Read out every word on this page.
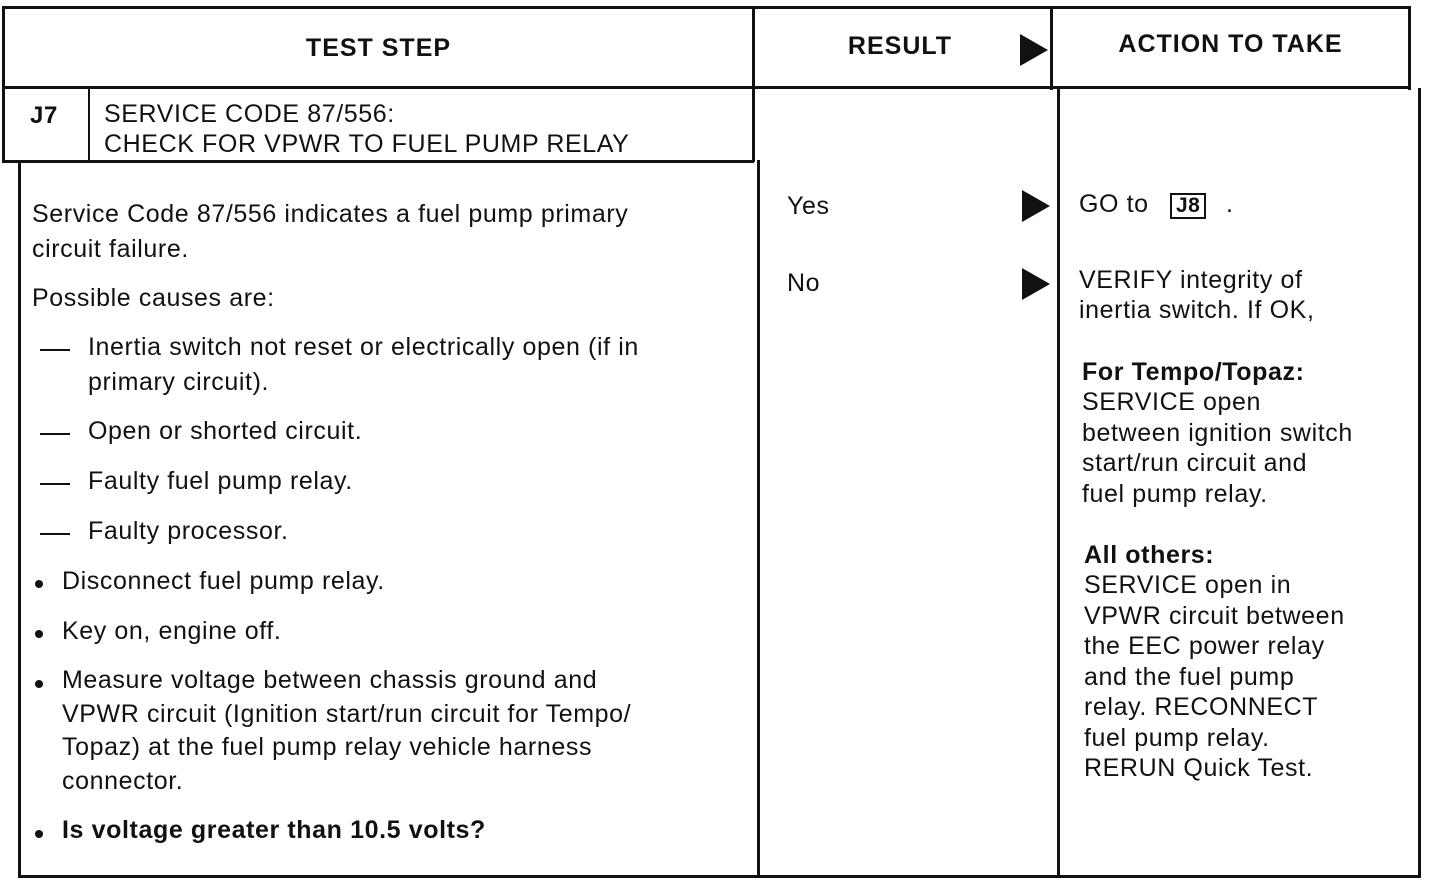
TEST STEP	RESULT	ACTION TO TAKE
J7 SERVICE CODE 87/556:
CHECK FOR VPWR TO FUEL PUMP RELAY
Service Code 87/556 indicates a fuel pump primary
circuit failure.
Possible causes are:
Inertia switch not reset or electrically open (if in
primary circuit).
Open or shorted circuit.
Faulty fuel pump relay.
Faulty processor.
Disconnect fuel pump relay.
Key on, engine off.
Measure voltage between chassis ground and
VPWR circuit (Ignition start/run circuit for Tempo/
Topaz) at the fuel pump relay vehicle harness
connector.
Is voltage greater than 10.5 volts?
Yes
No
GO to J8 .
VERIFY integrity of
inertia switch. If OK,
For Tempo/Topaz:
SERVICE open
between ignition switch
start/run circuit and
fuel pump relay.
All others:
SERVICE open in
VPWR circuit between
the EEC power relay
and the fuel pump
relay. RECONNECT
fuel pump relay.
RERUN Quick Test.
